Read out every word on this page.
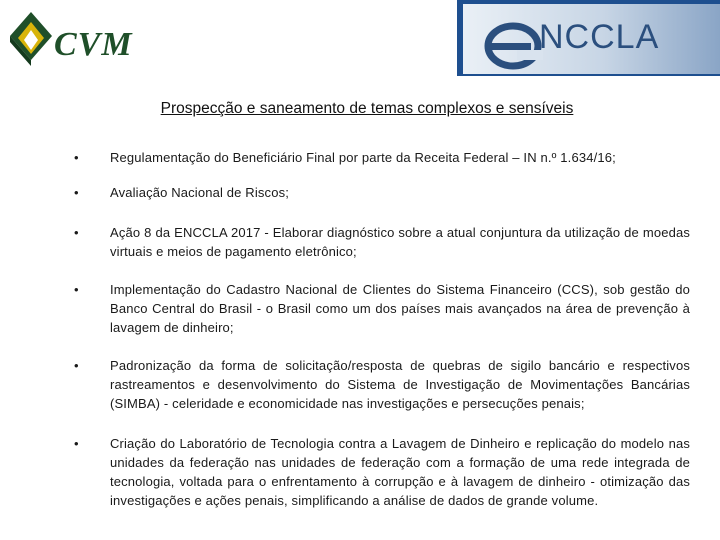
CVM	NCCLA
Prospecção e saneamento de temas complexos e sensíveis
• Regulamentação do Beneficiário Final por parte da Receita Federal – IN n.º 1.634/16;
• Avaliação Nacional de Riscos;
• Ação 8 da ENCCLA 2017 - Elaborar diagnóstico sobre a atual conjuntura da utilização de moedas virtuais e meios de pagamento eletrônico;
• Implementação do Cadastro Nacional de Clientes do Sistema Financeiro (CCS), sob gestão do Banco Central do Brasil - o Brasil como um dos países mais avançados na área de prevenção à lavagem de dinheiro;
• Padronização da forma de solicitação/resposta de quebras de sigilo bancário e respectivos rastreamentos e desenvolvimento do Sistema de Investigação de Movimentações Bancárias (SIMBA) - celeridade e economicidade nas investigações e persecuções penais;
• Criação do Laboratório de Tecnologia contra a Lavagem de Dinheiro e replicação do modelo nas unidades da federação nas unidades de federação com a formação de uma rede integrada de tecnologia, voltada para o enfrentamento à corrupção e à lavagem de dinheiro - otimização das investigações e ações penais, simplificando a análise de dados de grande volume.
